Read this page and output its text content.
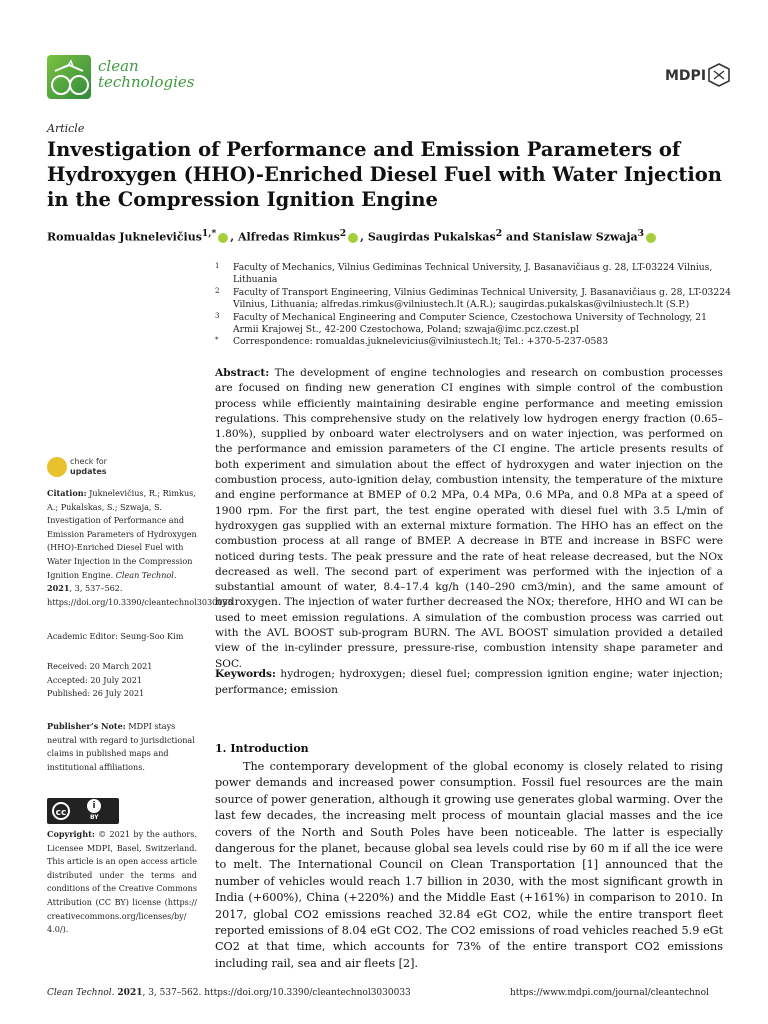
clean
technologies	MDPI
Article
Investigation of Performance and Emission Parameters of Hydroxygen (HHO)-Enriched Diesel Fuel with Water Injection in the Compression Ignition Engine
Romualdas Juknelevičius$^{1,*}$ , Alfredas Rimkus$^2$ , Saugirdas Pukalskas$^2$ and Stanislaw Szwaja$^3$
1 Faculty of Mechanics, Vilnius Gediminas Technical University, J. Basanavičiaus g. 28, LT-03224 Vilnius, Lithuania
2 Faculty of Transport Engineering, Vilnius Gediminas Technical University, J. Basanavičiaus g. 28, LT-03224 Vilnius, Lithuania; alfredas.rimkus@vilniustech.lt (A.R.); saugirdas.pukalskas@vilniustech.lt (S.P.)
3 Faculty of Mechanical Engineering and Computer Science, Czestochowa University of Technology, 21 Armii Krajowej St., 42-200 Czestochowa, Poland; szwaja@imc.pcz.czest.pl
* Correspondence: romualdas.juknelevicius@vilniustech.lt; Tel.: +370-5-237-0583
Abstract: The development of engine technologies and research on combustion processes are focused on finding new generation CI engines with simple control of the combustion process while efficiently maintaining desirable engine performance and meeting emission regulations. This comprehensive study on the relatively low hydrogen energy fraction (0.65–1.80%), supplied by onboard water electrolysers and on water injection, was performed on the performance and emission parameters of the CI engine. The article presents results of both experiment and simulation about the effect of hydroxygen and water injection on the combustion process, auto-ignition delay, combustion intensity, the temperature of the mixture and engine performance at BMEP of 0.2 MPa, 0.4 MPa, 0.6 MPa, and 0.8 MPa at a speed of 1900 rpm. For the first part, the test engine operated with diesel fuel with 3.5 L/min of hydroxygen gas supplied with an external mixture formation. The HHO has an effect on the combustion process at all range of BMEP. A decrease in BTE and increase in BSFC were noticed during tests. The peak pressure and the rate of heat release decreased, but the NOx decreased as well. The second part of experiment was performed with the injection of a substantial amount of water, 8.4–17.4 kg/h (140–290 cm3/min), and the same amount of hydroxygen. The injection of water further decreased the NOx; therefore, HHO and WI can be used to meet emission regulations. A simulation of the combustion process was carried out with the AVL BOOST sub-program BURN. The AVL BOOST simulation provided a detailed view of the in-cylinder pressure, pressure-rise, combustion intensity shape parameter and SOC.
Keywords: hydrogen; hydroxygen; diesel fuel; compression ignition engine; water injection; performance; emission
check for
updates
Citation: Juknelevičius, R.; Rimkus, A.; Pukalskas, S.; Szwaja, S. Investigation of Performance and Emission Parameters of Hydroxygen (HHO)-Enriched Diesel Fuel with Water Injection in the Compression Ignition Engine. Clean Technol. 2021, 3, 537–562. https://doi.org/10.3390/cleantechnol3030033
Academic Editor: Seung-Soo Kim
Received: 20 March 2021
Accepted: 20 July 2021
Published: 26 July 2021
Publisher’s Note: MDPI stays neutral with regard to jurisdictional claims in published maps and institutional affiliations.
cc
i
BY
Copyright: © 2021 by the authors. Licensee MDPI, Basel, Switzerland. This article is an open access article distributed under the terms and conditions of the Creative Commons Attribution (CC BY) license (https:// creativecommons.org/licenses/by/ 4.0/).
1. Introduction

The contemporary development of the global economy is closely related to rising power demands and increased power consumption. Fossil fuel resources are the main source of power generation, although it growing use generates global warming. Over the last few decades, the increasing melt process of mountain glacial masses and the ice covers of the North and South Poles have been noticeable. The latter is especially dangerous for the planet, because global sea levels could rise by 60 m if all the ice were to melt. The International Council on Clean Transportation [1] announced that the number of vehicles would reach 1.7 billion in 2030, with the most significant growth in India (+600%), China (+220%) and the Middle East (+161%) in comparison to 2010. In 2017, global CO2 emissions reached 32.84 eGt CO2, while the entire transport fleet reported emissions of 8.04 eGt CO2. The CO2 emissions of road vehicles reached 5.9 eGt CO2 at that time, which accounts for 73% of the entire transport CO2 emissions including rail, sea and air fleets [2].

Clean Technol. 2021, 3, 537–562. https://doi.org/10.3390/cleantechnol3030033	https://www.mdpi.com/journal/cleantechnol
